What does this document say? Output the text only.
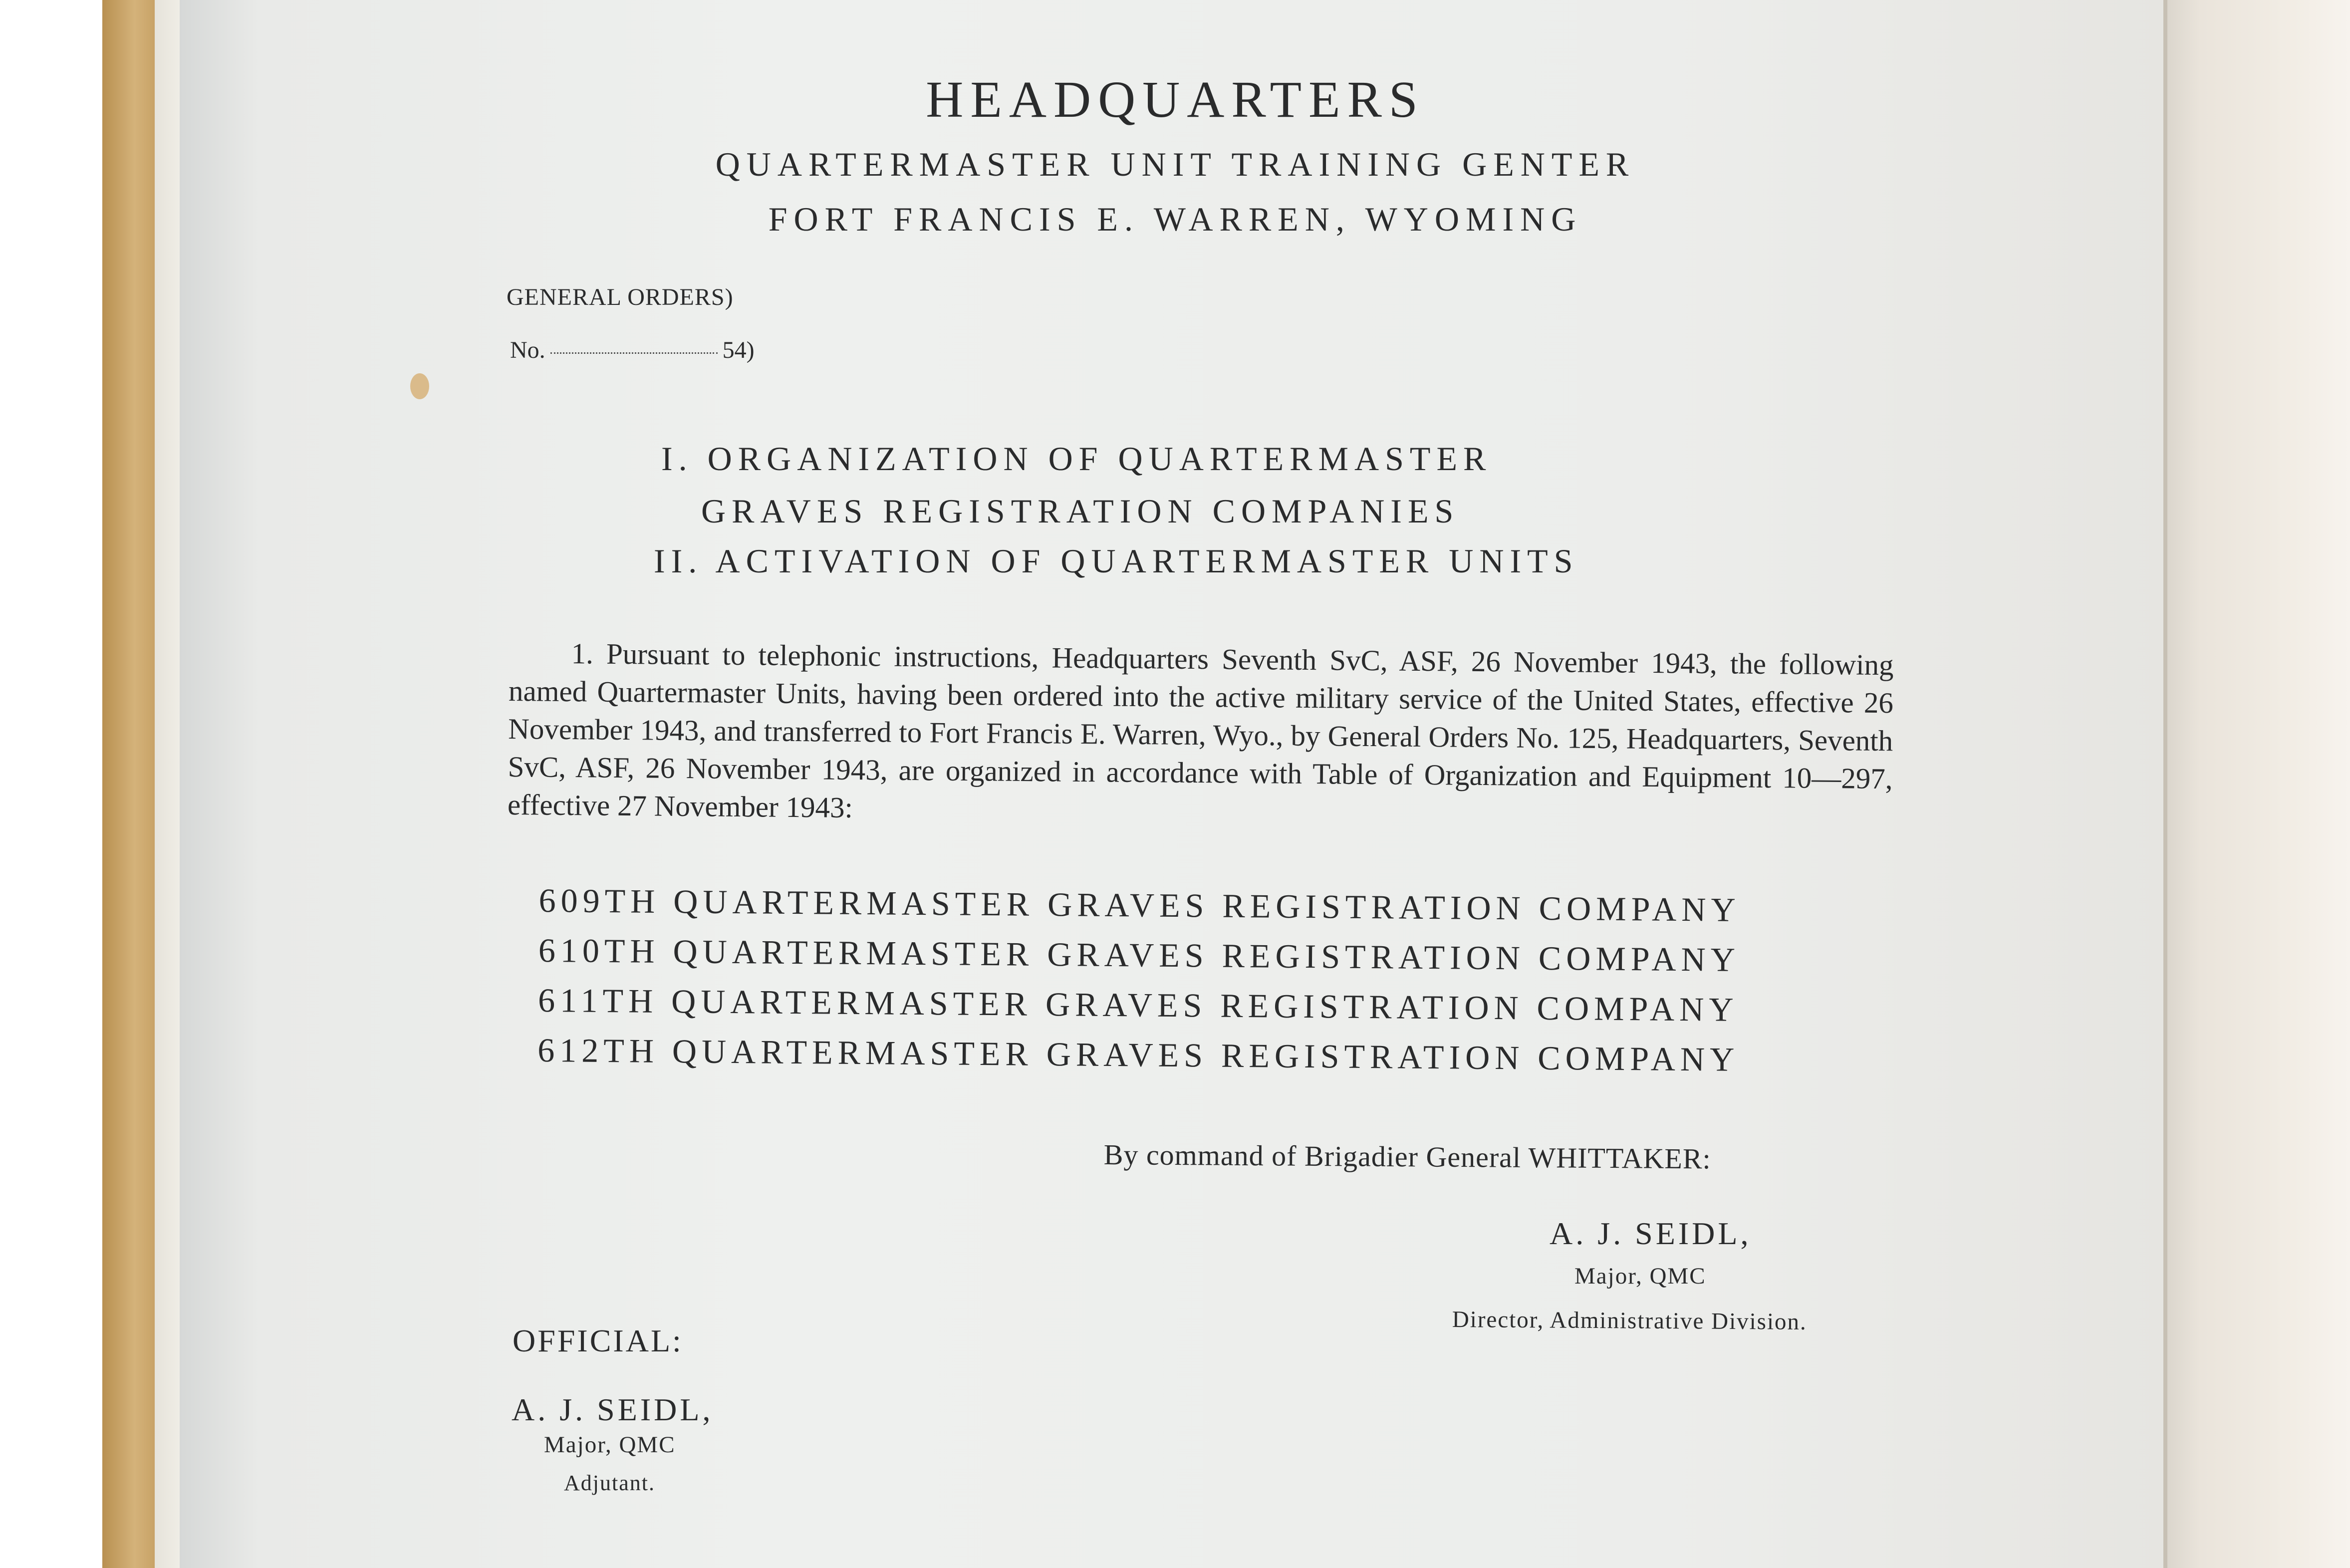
HEADQUARTERS
QUARTERMASTER UNIT TRAINING GENTER
FORT FRANCIS E. WARREN, WYOMING
GENERAL ORDERS)
No.	54)
I. ORGANIZATION OF QUARTERMASTER
GRAVES REGISTRATION COMPANIES
II. ACTIVATION OF QUARTERMASTER UNITS
1. Pursuant to telephonic instructions, Headquarters Seventh SvC, ASF, 26 November 1943, the following named Quartermaster Units, having been ordered into the active military service of the United States, effective 26 November 1943, and transferred to Fort Francis E. Warren, Wyo., by General Orders No. 125, Headquarters, Seventh SvC, ASF, 26 November 1943, are organized in accordance with Table of Organization and Equipment 10—297, effective 27 November 1943:
609TH QUARTERMASTER GRAVES REGISTRATION COMPANY
610TH QUARTERMASTER GRAVES REGISTRATION COMPANY
611TH QUARTERMASTER GRAVES REGISTRATION COMPANY
612TH QUARTERMASTER GRAVES REGISTRATION COMPANY
By command of Brigadier General WHITTAKER:
A. J. SEIDL,
Major, QMC
Director, Administrative Division.
OFFICIAL:
A. J. SEIDL,
Major, QMC
Adjutant.
